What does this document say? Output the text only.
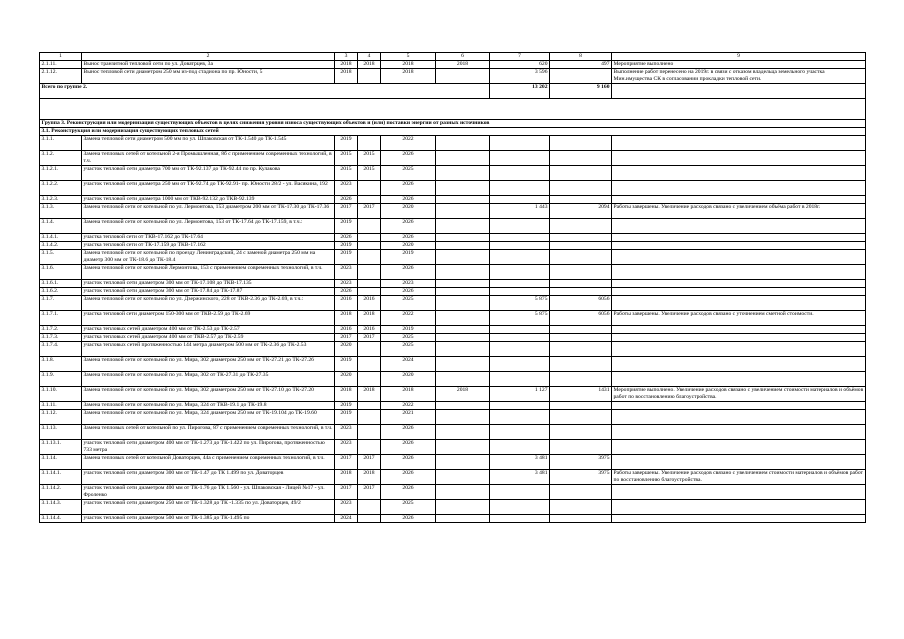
1	2	3	4	5	6	7	8	9
2.1.11.	Вынос транзитной тепловой сети по ул. Доватрцев, 3а	2018	2018	2018	2018	620	497	Мероприятие выполнено
2.1.12.	Вынос тепловой сети диаметром 250 мм из-под стадиона по пр. Юности, 5	2018		2018		3 596		Выполнение работ перенесено на 2019г. в связи с отказом владельца земельного участка Мин.имущества СК в согласовании прокладки тепловой сети.
Всего по группе 2.						13 202	9 160	

Группа 3. Реконструкция или модернизация существующих объектов в целях снижения уровня износа существующих объектов и (или) поставки энергии от разных источников								
3.1. Реконструкция или модернизация существующих тепловых сетей								
3.1.1.	Замена тепловой сети диаметром 500 мм по ул. Шпаковская от ТК-1.540 до ТК-1.545	2019		2022				
3.1.2.	Замена тепловых сетей от котельной 2-я Промышленная, 8б с применением современных технологий, в т.ч.	2015	2015	2026				
3.1.2.1.	участок тепловой сети диаметра 700 мм от ТК-92.137 до ТК-92.44 по пр. Кулакова	2015	2015	2025				
3.1.2.2.	участок тепловой сети диаметра 250 мм от ТК-92.74 до ТК-92.91- пр. Юности 28/2 - ул. Васякина, 192	2023		2026				
3.1.2.3.	участок тепловой сети диаметра 1000 мм от ТКВ-92.132 до ТКВ-92.139	2026		2026				
3.1.3.	Замена тепловой сети от котельной по ул. Лермонтова, 153 диаметром 200 мм от ТК-17.30 до ТК-17.36	2017	2017	2020		1 443	2094	Работы завершены. Увеличение расходов связано с увеличением объёма работ в 2018г.
3.1.4.	Замена тепловой сети от котельной по ул. Лермонтова, 153 от ТК-17.64 до ТК-17.159, в т.ч.:	2019		2026				
3.1.4.1.	участка тепловой сети от ТКВ-17.162 до ТК-17.64	2026		2026				
3.1.4.2.	участка тепловой сети от ТК-17.159 до ТКВ-17.162	2019		2020				
3.1.5.	Замена тепловой сети от котельной по проезду Ленинградский, 24 с заменой диаметра 250 мм на диаметр 300 мм от ТК-18.6 до ТК-18.4	2019		2019				
3.1.6.	Замена тепловой сети от котельной Лермонтова, 153 с применением современных технологий, в т.ч.	2023		2026				
3.1.6.1.	участок тепловой сети диаметром 300 мм от ТК-17.108 до ТКВ-17.135	2023		2023				
3.1.6.2.	участок тепловой сети диаметром 300 мм от ТК-17.84 до ТК-17.87	2026		2026				
3.1.7.	Замена тепловой сети от котельной по ул. Дзержинского, 228 от ТКВ-2.36 до ТК-2.69, в т.ч.:	2016	2016	2025		5 875	6056	
3.1.7.1.	участка тепловой сети диаметром 150-300 мм от ТКВ-2.59 до ТК-2.69	2018	2018	2022		5 875	6056	Работы завершены. Увеличение расходов связано с уточнением сметной стоимости.
3.1.7.2.	участка тепловых сетей диаметром 400 мм от ТК-2.53 до ТК-2.57	2016	2016	2019				
3.1.7.3.	участка тепловых сетей диаметром 400 мм от ТКВ-2.57 до ТК-2.59	2017	2017	2025				
3.1.7.4.	участка тепловых сетей протяженностью 144 метра диаметром 500 мм от ТК-2.36 до ТК-2.53	2020		2025				
3.1.8.	Замена тепловой сети от котельной по ул. Мира, 302 диаметром 250 мм от ТК-27.21 до ТК-27.26	2019		2024				
3.1.9.	Замена тепловой сети от котельной по ул. Мира, 302 от ТК-27.31 до ТК-27.35	2020		2020				
3.1.10.	Замена тепловой сети от котельной по ул. Мира, 302 диаметром 250 мм от ТК-27.10 до ТК-27.20	2018	2018	2018	2018	1 127	1431	Мероприятие выполнено. Увеличение расходов связано с увеличением стоимости материалов и объёмов работ по восстановлению благоустройства.
3.1.11.	Замена тепловой сети от котельной по ул. Мира, 324 от ТКВ-19.1 до ТК-19.8	2019		2022				
3.1.12.	Замена тепловой сети от котельной по ул. Мира, 324 диаметром 250 мм от ТК-19.104 до ТК-19.60	2019		2021				
3.1.13.	Замена тепловых сетей от котельной по ул. Пирогова, 87 с применением современных технологий, в т.ч.	2023		2026				
3.1.13.1.	участок тепловой сети диаметром 400 мм от ТК-1.273 до ТК-1.422 по ул. Пирогова, протяженностью 733 метра	2023		2026				
3.1.14.	Замена тепловых сетей от котельной Доваторцев, 44а с применением современных технологий, в т.ч.	2017	2017	2026		3 481	3975	
3.1.14.1.	участок тепловой сети диаметром 300 мм от ТК-1.47 до ТК 1.499 по ул. Доваторцев	2018	2018	2026		3 481	3975	Работы завершены. Увеличение расходов связано с увеличением стоимости материалов и объёмов работ по восстановлению благоустройства.
3.1.14.2.	участок тепловой сети диаметром 400 мм от ТК-1.76 до ТК 1.560 - ул. Шпаковская - Лицей №17 - ул. Фроленко	2017	2017	2026				
3.1.14.3.	участок тепловой сети диаметром 250 мм от ТК-1.328 до ТК -1.335 по ул. Доваторцев, 49/2	2023		2025				
3.1.14.4.	участок тепловой сети диаметром 500 мм от ТК-1.385 до ТК-1.495 по	2024		2026				
